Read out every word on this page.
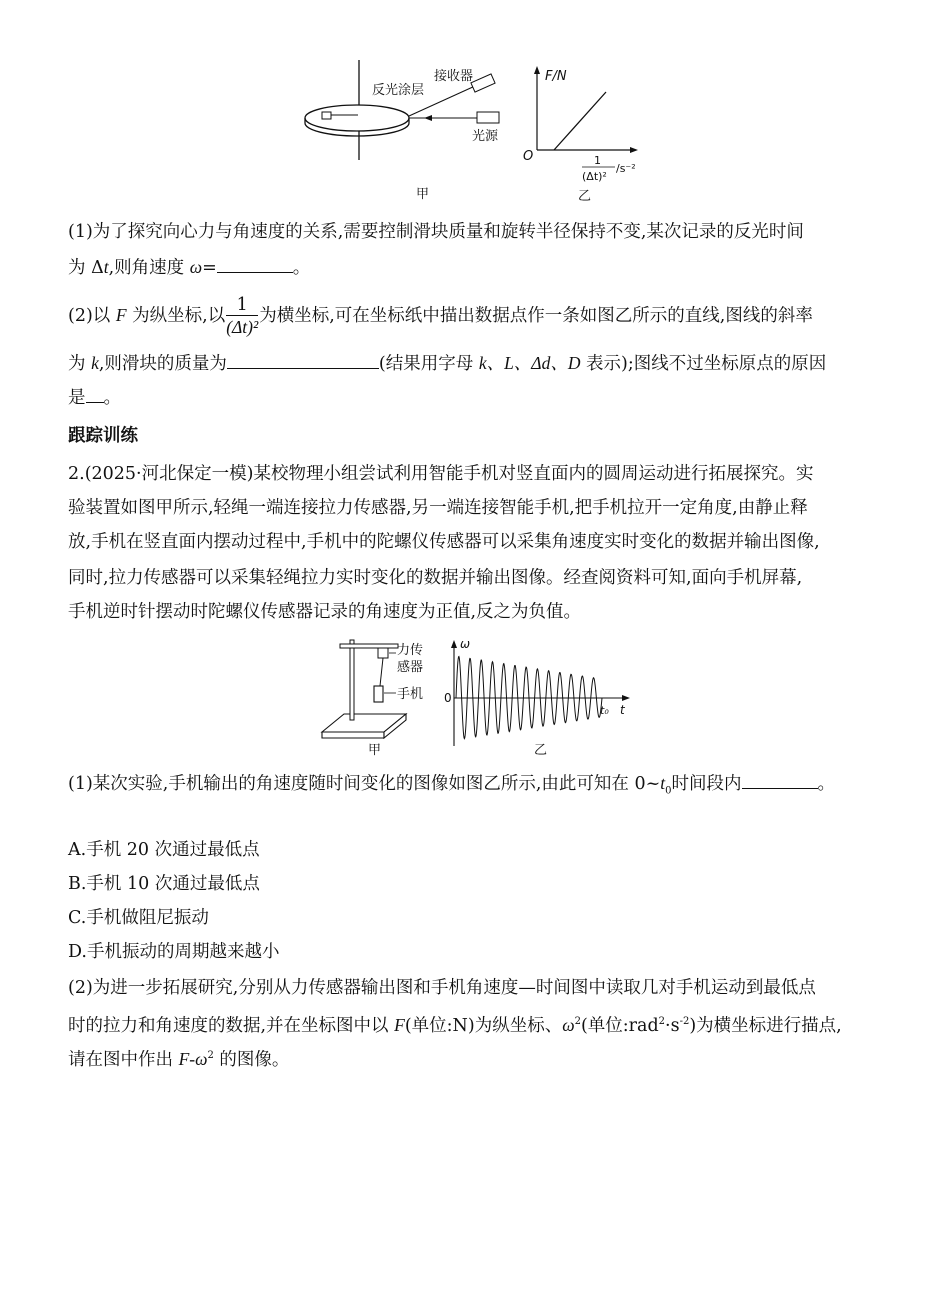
反光涂层
接收器
光源
甲
F/N
O	1
(Δt)²
/s⁻²
乙
(1)为了探究向心力与角速度的关系,需要控制滑块质量和旋转半径保持不变,某次记录的反光时间
为 Δt,则角速度 ω=	。
(2)以 F 为纵坐标,以 $\frac{1}{\text{(Δt)²}}$ 为横坐标,可在坐标纸中描出数据点作一条如图乙所示的直线,图线的斜率
为 k,则滑块的质量为	(结果用字母 k、L、Δd、D 表示);图线不过坐标原点的原因
是 。
跟踪训练
2.(2025·河北保定一模)某校物理小组尝试利用智能手机对竖直面内的圆周运动进行拓展探究。实
验装置如图甲所示,轻绳一端连接拉力传感器,另一端连接智能手机,把手机拉开一定角度,由静止释
放,手机在竖直面内摆动过程中,手机中的陀螺仪传感器可以采集角速度实时变化的数据并输出图像,
同时,拉力传感器可以采集轻绳拉力实时变化的数据并输出图像。经查阅资料可知,面向手机屏幕,
手机逆时针摆动时陀螺仪传感器记录的角速度为正值,反之为负值。
力传
感器
手机
甲
ω
0
t₀ t
乙
(1)某次实验,手机输出的角速度随时间变化的图像如图乙所示,由此可知在 $0\sim t_0$时间段内	。
A.手机 20 次通过最低点
B.手机 10 次通过最低点
C.手机做阻尼振动
D.手机振动的周期越来越小
(2)为进一步拓展研究,分别从力传感器输出图和手机角速度—时间图中读取几对手机运动到最低点
时的拉力和角速度的数据,并在坐标图中以 F(单位:N)为纵坐标、$\omega^2$(单位$:rad^2\cdot s^{-2}$)为横坐标进行描点,
请在图中作出 $F-\omega^2$ 的图像。
